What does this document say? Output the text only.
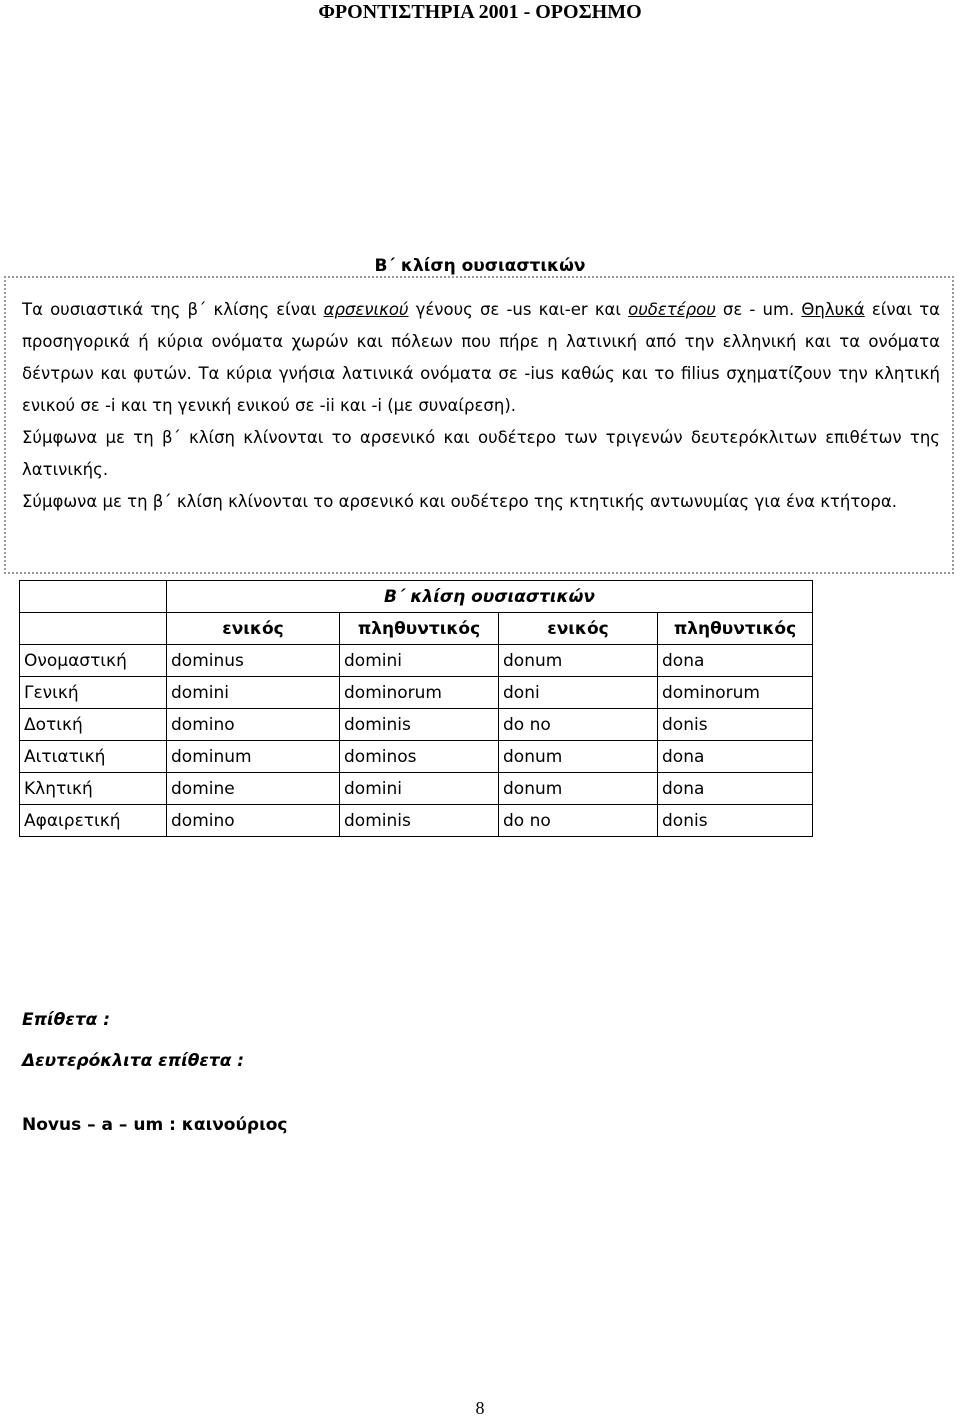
ΦΡΟΝΤΙΣΤΗΡΙΑ 2001 - ΟΡΟΣΗΜΟ
Β΄ κλίση ουσιαστικών

Τα ουσιαστικά της β΄ κλίσης είναι αρσενικού γένους σε -us και-er και ουδετέρου σε - um. Θηλυκά είναι τα προσηγορικά ή κύρια ονόματα χωρών και πόλεων που πήρε η λατινική από την ελληνική και τα ονόματα δέντρων και φυτών. Τα κύρια γνήσια λατινικά ονόματα σε -ius καθώς και το filius σχηματίζουν την κλητική ενικού σε -i και τη γενική ενικού σε -ii και -i (με συναίρεση).

Σύμφωνα με τη β΄ κλίση κλίνονται το αρσενικό και ουδέτερο των τριγενών δευτερόκλιτων επιθέτων της λατινικής.

Σύμφωνα με τη β΄ κλίση κλίνονται το αρσενικό και ουδέτερο της κτητικής αντωνυμίας για ένα κτήτορα.

	Β΄ κλίση ουσιαστικών			
	ενικός	πληθυντικός	ενικός	πληθυντικός
Ονομαστική	dominus	domini	donum	dona
Γενική	domini	dominorum	doni	dominorum
Δοτική	domino	dominis	do no	donis
Αιτιατική	dominum	dominos	donum	dona
Κλητική	domine	domini	donum	dona
Αφαιρετική	domino	dominis	do no	donis
Επίθετα :
Δευτερόκλιτα επίθετα :
Novus – a – um : καινούριος
8
